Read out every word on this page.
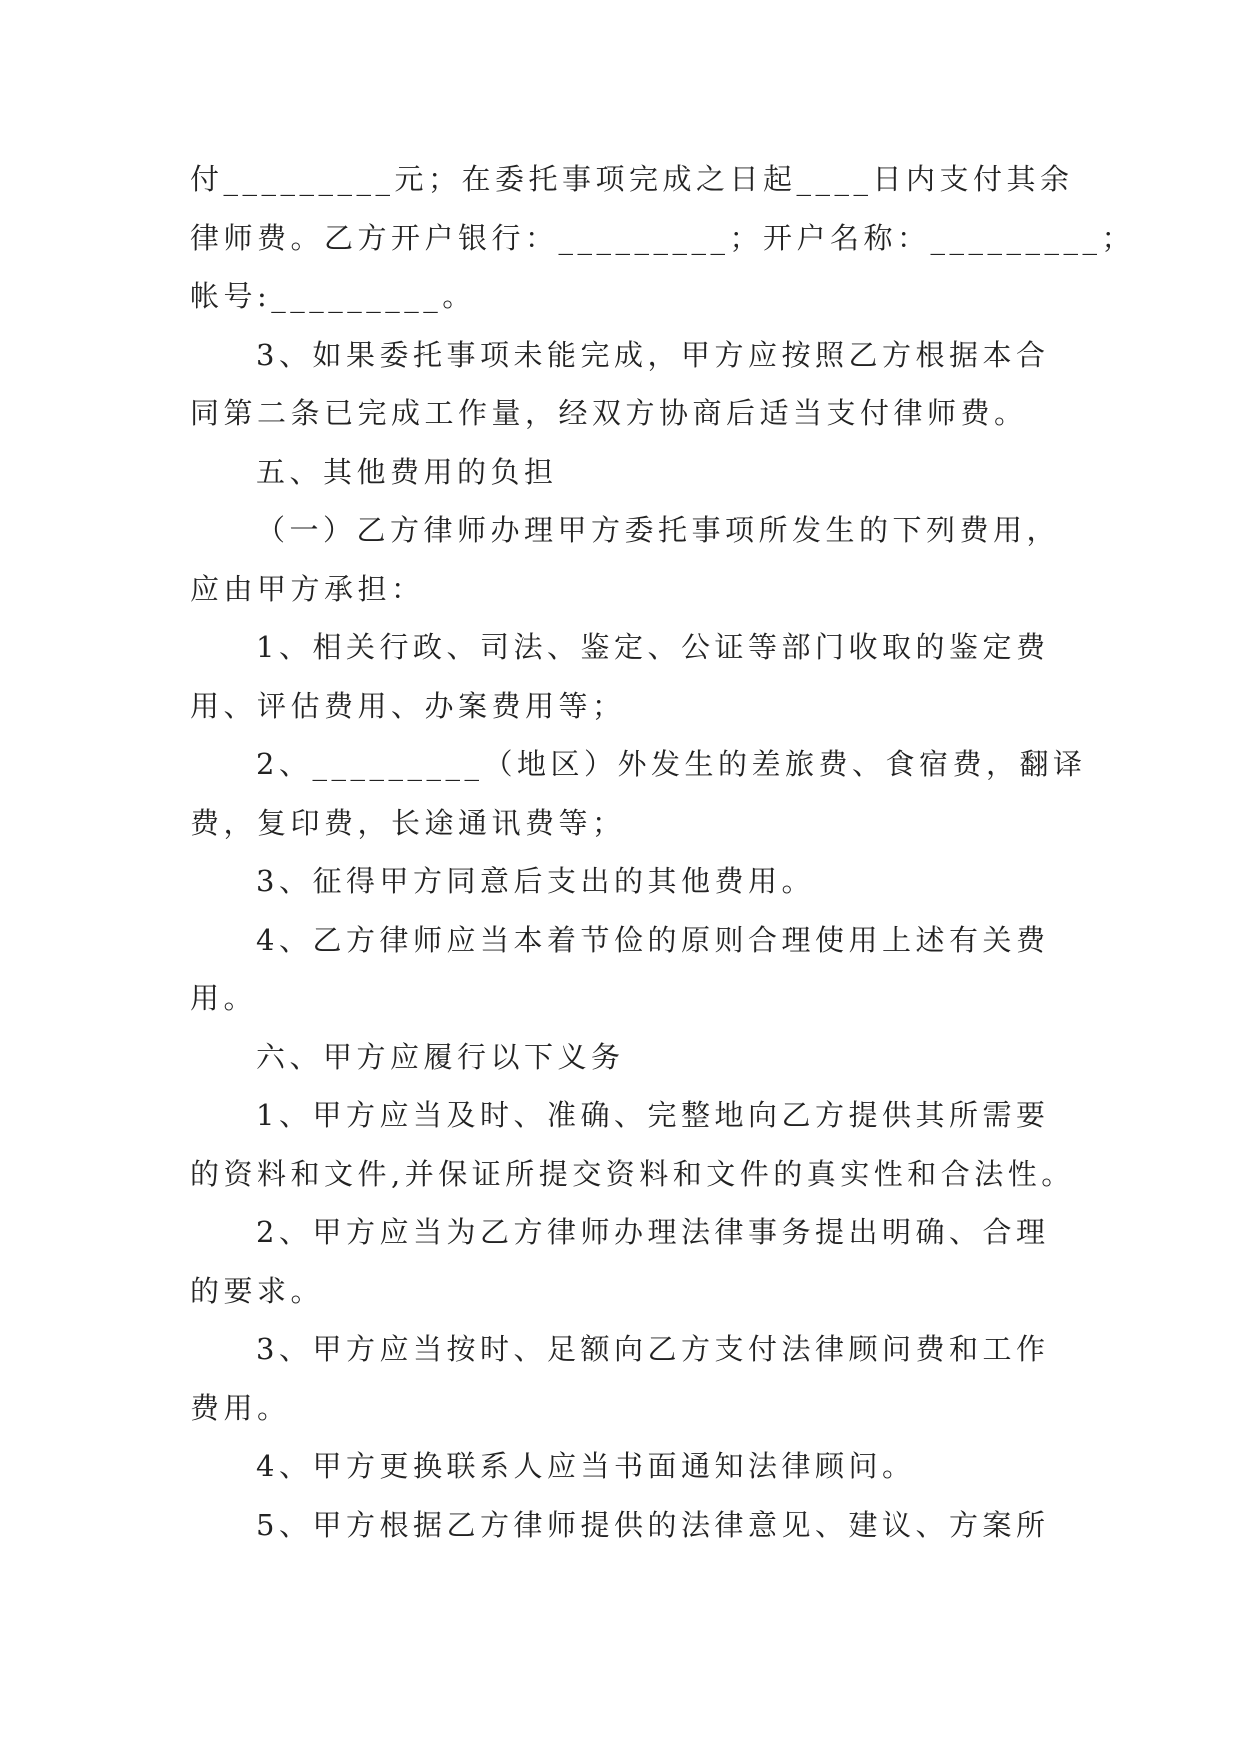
付_________元；在委托事项完成之日起____日内支付其余
律师费。乙方开户银行：_________；开户名称：_________；
帐号:_________。
3、如果委托事项未能完成，甲方应按照乙方根据本合
同第二条已完成工作量，经双方协商后适当支付律师费。
五、其他费用的负担
（一）乙方律师办理甲方委托事项所发生的下列费用，
应由甲方承担：
1、相关行政、司法、鉴定、公证等部门收取的鉴定费
用、评估费用、办案费用等；
2、_________（地区）外发生的差旅费、食宿费，翻译
费，复印费，长途通讯费等；
3、征得甲方同意后支出的其他费用。
4、乙方律师应当本着节俭的原则合理使用上述有关费
用。
六、甲方应履行以下义务
1、甲方应当及时、准确、完整地向乙方提供其所需要
的资料和文件,并保证所提交资料和文件的真实性和合法性。
2、甲方应当为乙方律师办理法律事务提出明确、合理
的要求。
3、甲方应当按时、足额向乙方支付法律顾问费和工作
费用。
4、甲方更换联系人应当书面通知法律顾问。
5、甲方根据乙方律师提供的法律意见、建议、方案所
